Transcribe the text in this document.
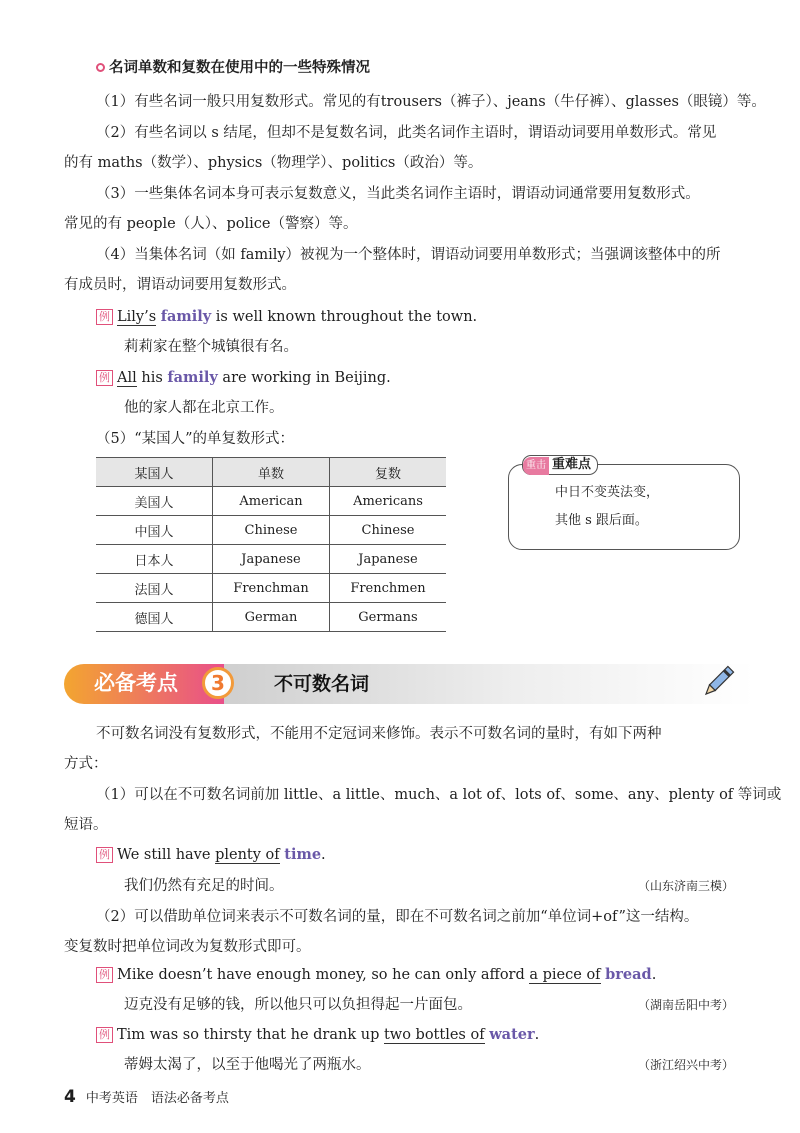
名词单数和复数在使用中的一些特殊情况
（1）有些名词一般只用复数形式。常见的有trousers（裤子）、jeans（牛仔裤）、glasses（眼镜）等。
（2）有些名词以 s 结尾，但却不是复数名词，此类名词作主语时，谓语动词要用单数形式。常见
的有 maths（数学）、physics（物理学）、politics（政治）等。
（3）一些集体名词本身可表示复数意义，当此类名词作主语时，谓语动词通常要用复数形式。
常见的有 people（人）、police（警察）等。
（4）当集体名词（如 family）被视为一个整体时，谓语动词要用单数形式；当强调该整体中的所
有成员时，谓语动词要用复数形式。
例 Lily’s family is well known throughout the town.
莉莉家在整个城镇很有名。
例 All his family are working in Beijing.
他的家人都在北京工作。
（5）“某国人”的单复数形式：
某国人	单数	复数
美国人	American	Americans
中国人	Chinese	Chinese
日本人	Japanese	Japanese
法国人	Frenchman	Frenchmen
德国人	German	Germans
中日不变英法变，
其他 s 跟后面。
重击 重难点
必备考点	3	不可数名词
不可数名词没有复数形式，不能用不定冠词来修饰。表示不可数名词的量时，有如下两种
方式：
（1）可以在不可数名词前加 little、a little、much、a lot of、lots of、some、any、plenty of 等词或
短语。
例 We still have plenty of time.
我们仍然有充足的时间。	（山东济南三模）
（2）可以借助单位词来表示不可数名词的量，即在不可数名词之前加“单位词+of”这一结构。
变复数时把单位词改为复数形式即可。
例 Mike doesn’t have enough money, so he can only afford a piece of bread.
迈克没有足够的钱，所以他只可以负担得起一片面包。	（湖南岳阳中考）
例 Tim was so thirsty that he drank up two bottles of water.
蒂姆太渴了，以至于他喝光了两瓶水。	（浙江绍兴中考）
4 中考英语　语法必备考点
